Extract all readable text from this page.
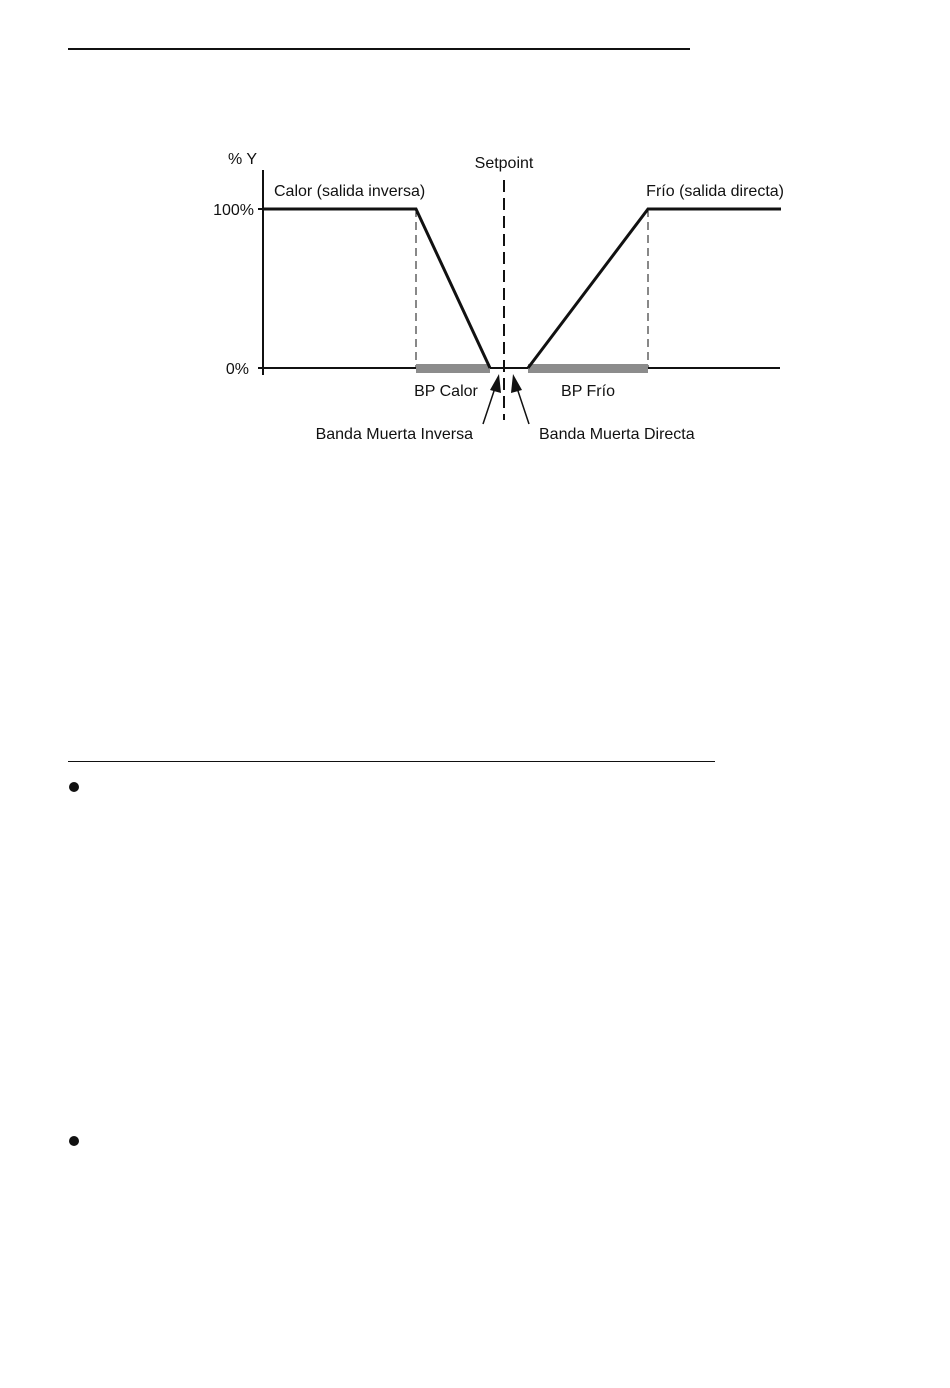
% Y
100%
0%
Setpoint
Calor (salida inversa)	Frío (salida directa)
BP Calor	BP Frío
Banda Muerta Inversa	Banda Muerta Directa
